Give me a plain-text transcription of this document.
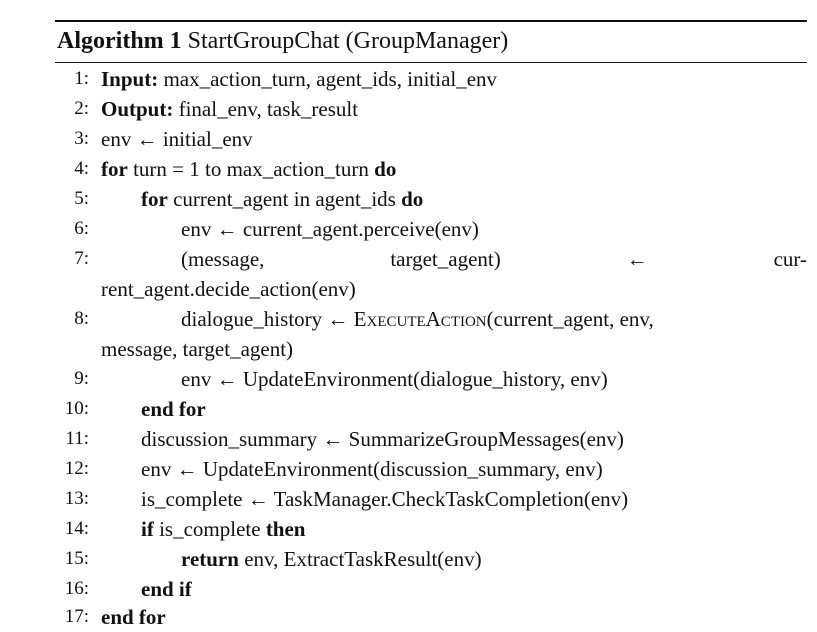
Algorithm 1 StartGroupChat (GroupManager)
1: Input: max_action_turn, agent_ids, initial_env
2: Output: final_env, task_result
3: env ← initial_env
4: for turn = 1 to max_action_turn do
5: for current_agent in agent_ids do
6:	env ← current_agent.perceive(env)
7:	(message,	target_agent)	←	cur-
rent_agent.decide_action(env)
8:	dialogue_history ← ExecuteAction(current_agent, env,
message, target_agent)
9:	env ← UpdateEnvironment(dialogue_history, env)
10: end for
11: discussion_summary ← SummarizeGroupMessages(env)
12: env ← UpdateEnvironment(discussion_summary, env)
13: is_complete ← TaskManager.CheckTaskCompletion(env)
14: if is_complete then
15:	return env, ExtractTaskResult(env)
16: end if
17: end for
